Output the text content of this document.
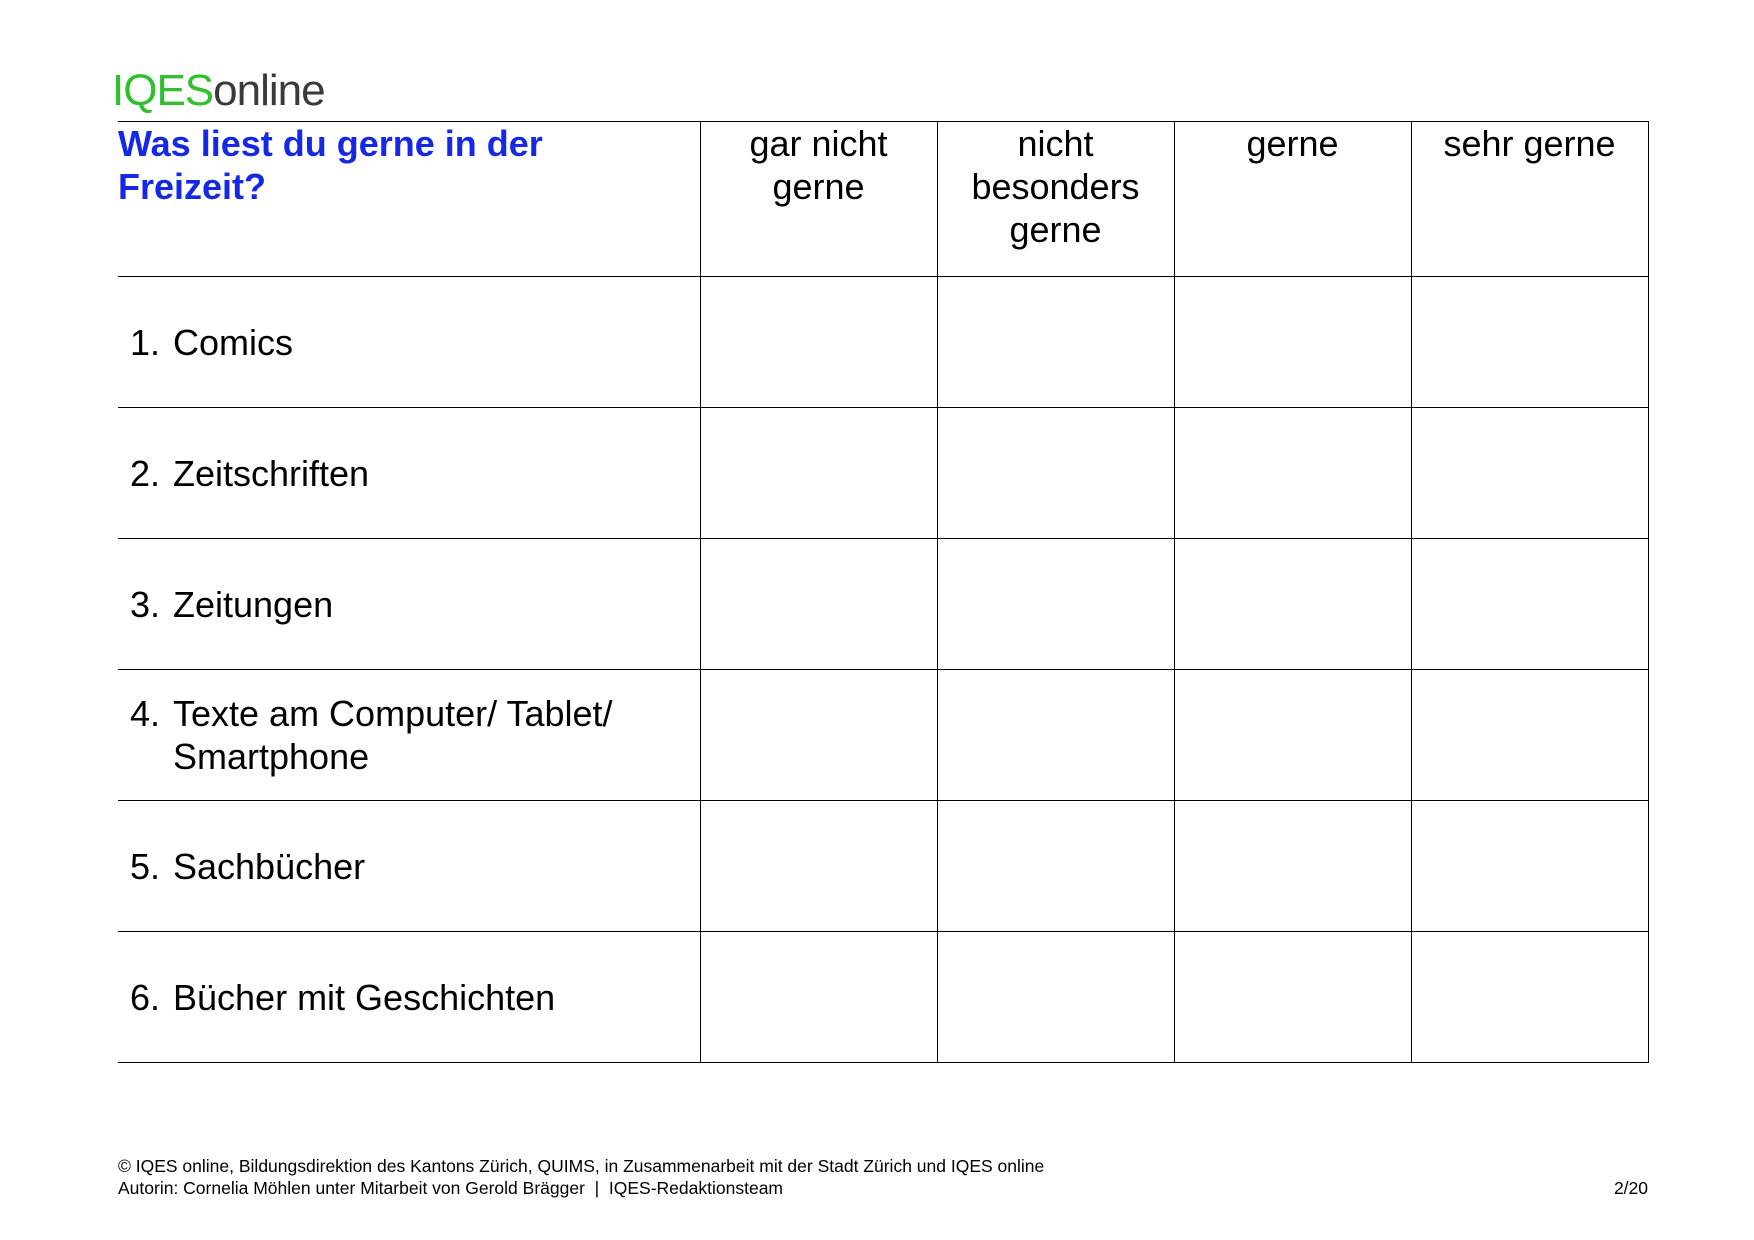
IQESonline
Was liest du gerne in der Freizeit?	gar nicht gerne	nicht besonders gerne	gerne	sehr gerne

1. Comics				

2. Zeitschriften				

3. Zeitungen				

4. Texte am Computer/ Tablet/ Smartphone				

5. Sachbücher				

6. Bücher mit Geschichten				

© IQES online, Bildungsdirektion des Kantons Zürich, QUIMS, in Zusammenarbeit mit der Stadt Zürich und IQES online
Autorin: Cornelia Möhlen unter Mitarbeit von Gerold Brägger  |  IQES-Redaktionsteam	2/20
